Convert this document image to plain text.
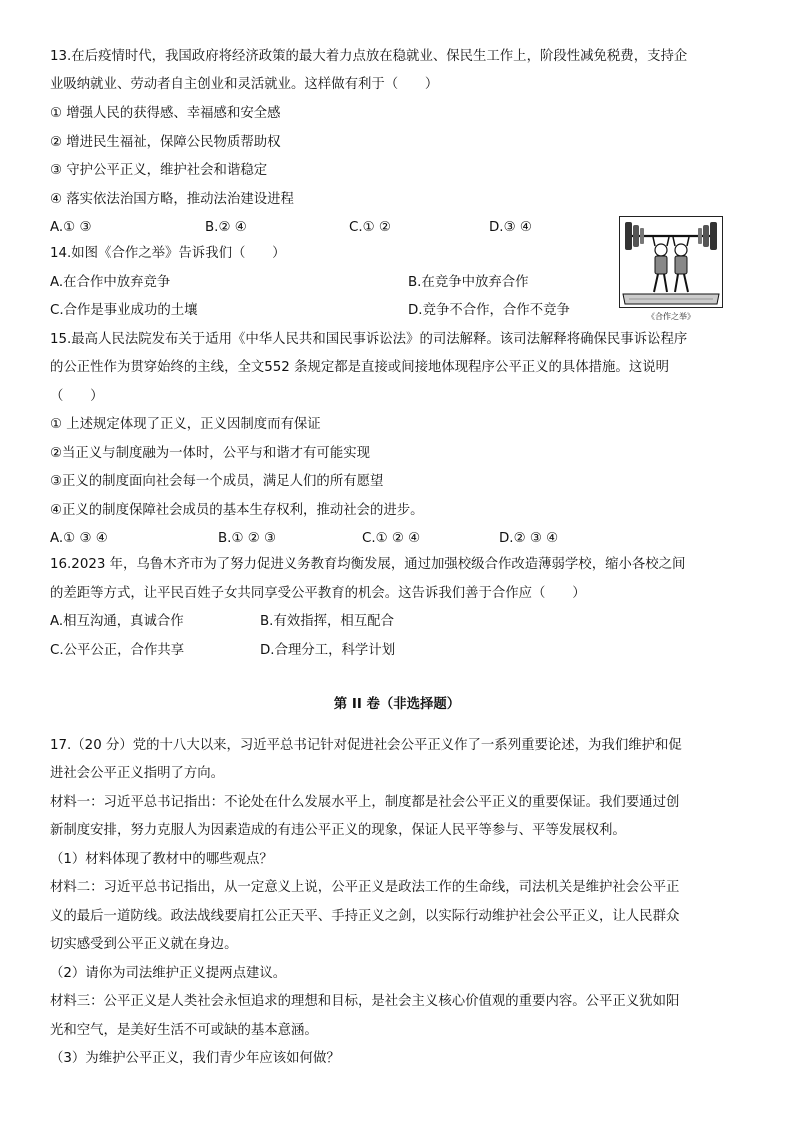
13.在后疫情时代，我国政府将经济政策的最大着力点放在稳就业、保民生工作上，阶段性减免税费，支持企
业吸纳就业、劳动者自主创业和灵活就业。这样做有利于（　　）
① 增强人民的获得感、幸福感和安全感
② 增进民生福祉，保障公民物质帮助权
③ 守护公平正义，维护社会和谐稳定
④ 落实依法治国方略，推动法治建设进程
A.① ③	B.② ④	C.① ②	D.③ ④
14.如图《合作之举》告诉我们（　　）
A.在合作中放弃竞争	B.在竞争中放弃合作
C.合作是事业成功的土壤	D.竞争不合作，合作不竞争	《合作之举》
15.最高人民法院发布关于适用《中华人民共和国民事诉讼法》的司法解释。该司法解释将确保民事诉讼程序
的公正性作为贯穿始终的主线，全文552 条规定都是直接或间接地体现程序公平正义的具体措施。这说明
（　　）
① 上述规定体现了正义，正义因制度而有保证
②当正义与制度融为一体时，公平与和谐才有可能实现
③正义的制度面向社会每一个成员，满足人们的所有愿望
④正义的制度保障社会成员的基本生存权利，推动社会的进步。
A.① ③ ④	B.① ② ③	C.① ② ④	D.② ③ ④
16.2023 年，乌鲁木齐市为了努力促进义务教育均衡发展，通过加强校级合作改造薄弱学校，缩小各校之间
的差距等方式，让平民百姓子女共同享受公平教育的机会。这告诉我们善于合作应（　　）
A.相互沟通，真诚合作	B.有效指挥，相互配合
C.公平公正，合作共享	D.合理分工，科学计划
第 II 卷（非选择题）
17.（20 分）党的十八大以来，习近平总书记针对促进社会公平正义作了一系列重要论述，为我们维护和促
进社会公平正义指明了方向。
材料一：习近平总书记指出：不论处在什么发展水平上，制度都是社会公平正义的重要保证。我们要通过创
新制度安排，努力克服人为因素造成的有违公平正义的现象，保证人民平等参与、平等发展权利。
（1）材料体现了教材中的哪些观点？
材料二：习近平总书记指出，从一定意义上说，公平正义是政法工作的生命线，司法机关是维护社会公平正
义的最后一道防线。政法战线要肩扛公正天平、手持正义之剑，以实际行动维护社会公平正义，让人民群众
切实感受到公平正义就在身边。
（2）请你为司法维护正义提两点建议。
材料三：公平正义是人类社会永恒追求的理想和目标，是社会主义核心价值观的重要内容。公平正义犹如阳
光和空气，是美好生活不可或缺的基本意涵。
（3）为维护公平正义，我们青少年应该如何做？
